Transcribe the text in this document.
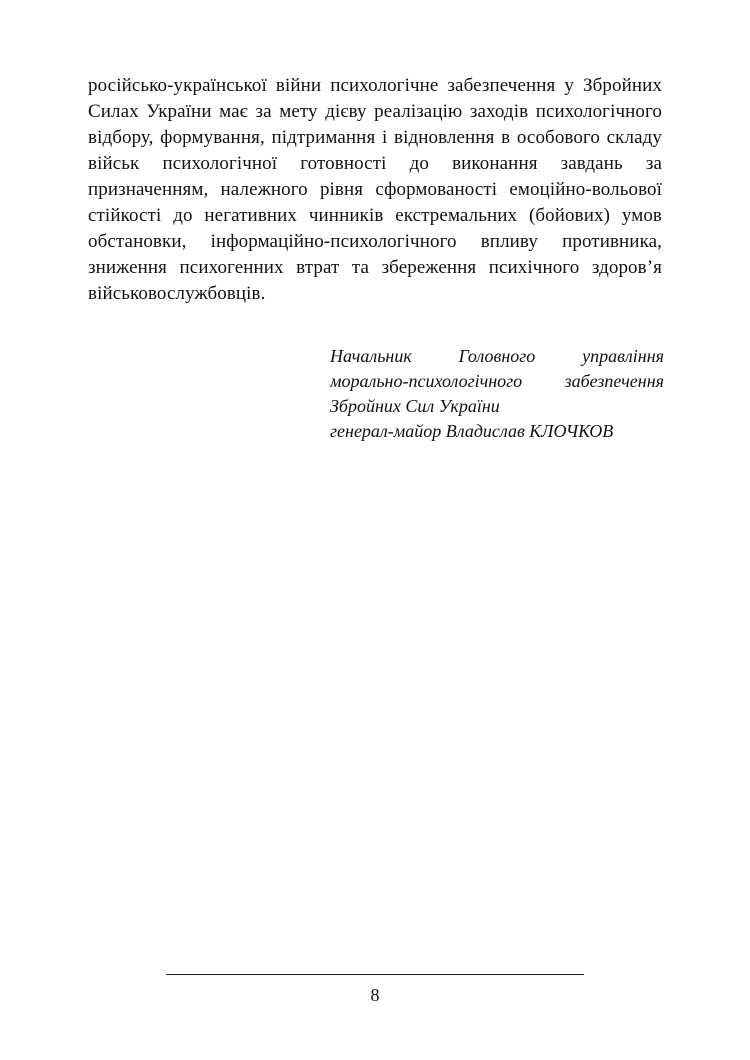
російсько-української війни психологічне забезпечення у Збройних
Силах України має за мету дієву реалізацію заходів психологічного
відбору, формування, підтримання і відновлення в особового складу
військ психологічної готовності до виконання завдань за
призначенням, належного рівня сформованості емоційно-вольової
стійкості до негативних чинників екстремальних (бойових) умов
обстановки, інформаційно-психологічного впливу противника,
зниження психогенних втрат та збереження психічного здоров’я
військовослужбовців.
Начальник Головного управління
морально-психологічного забезпечення
Збройних Сил України
генерал-майор Владислав КЛОЧКОВ
8
